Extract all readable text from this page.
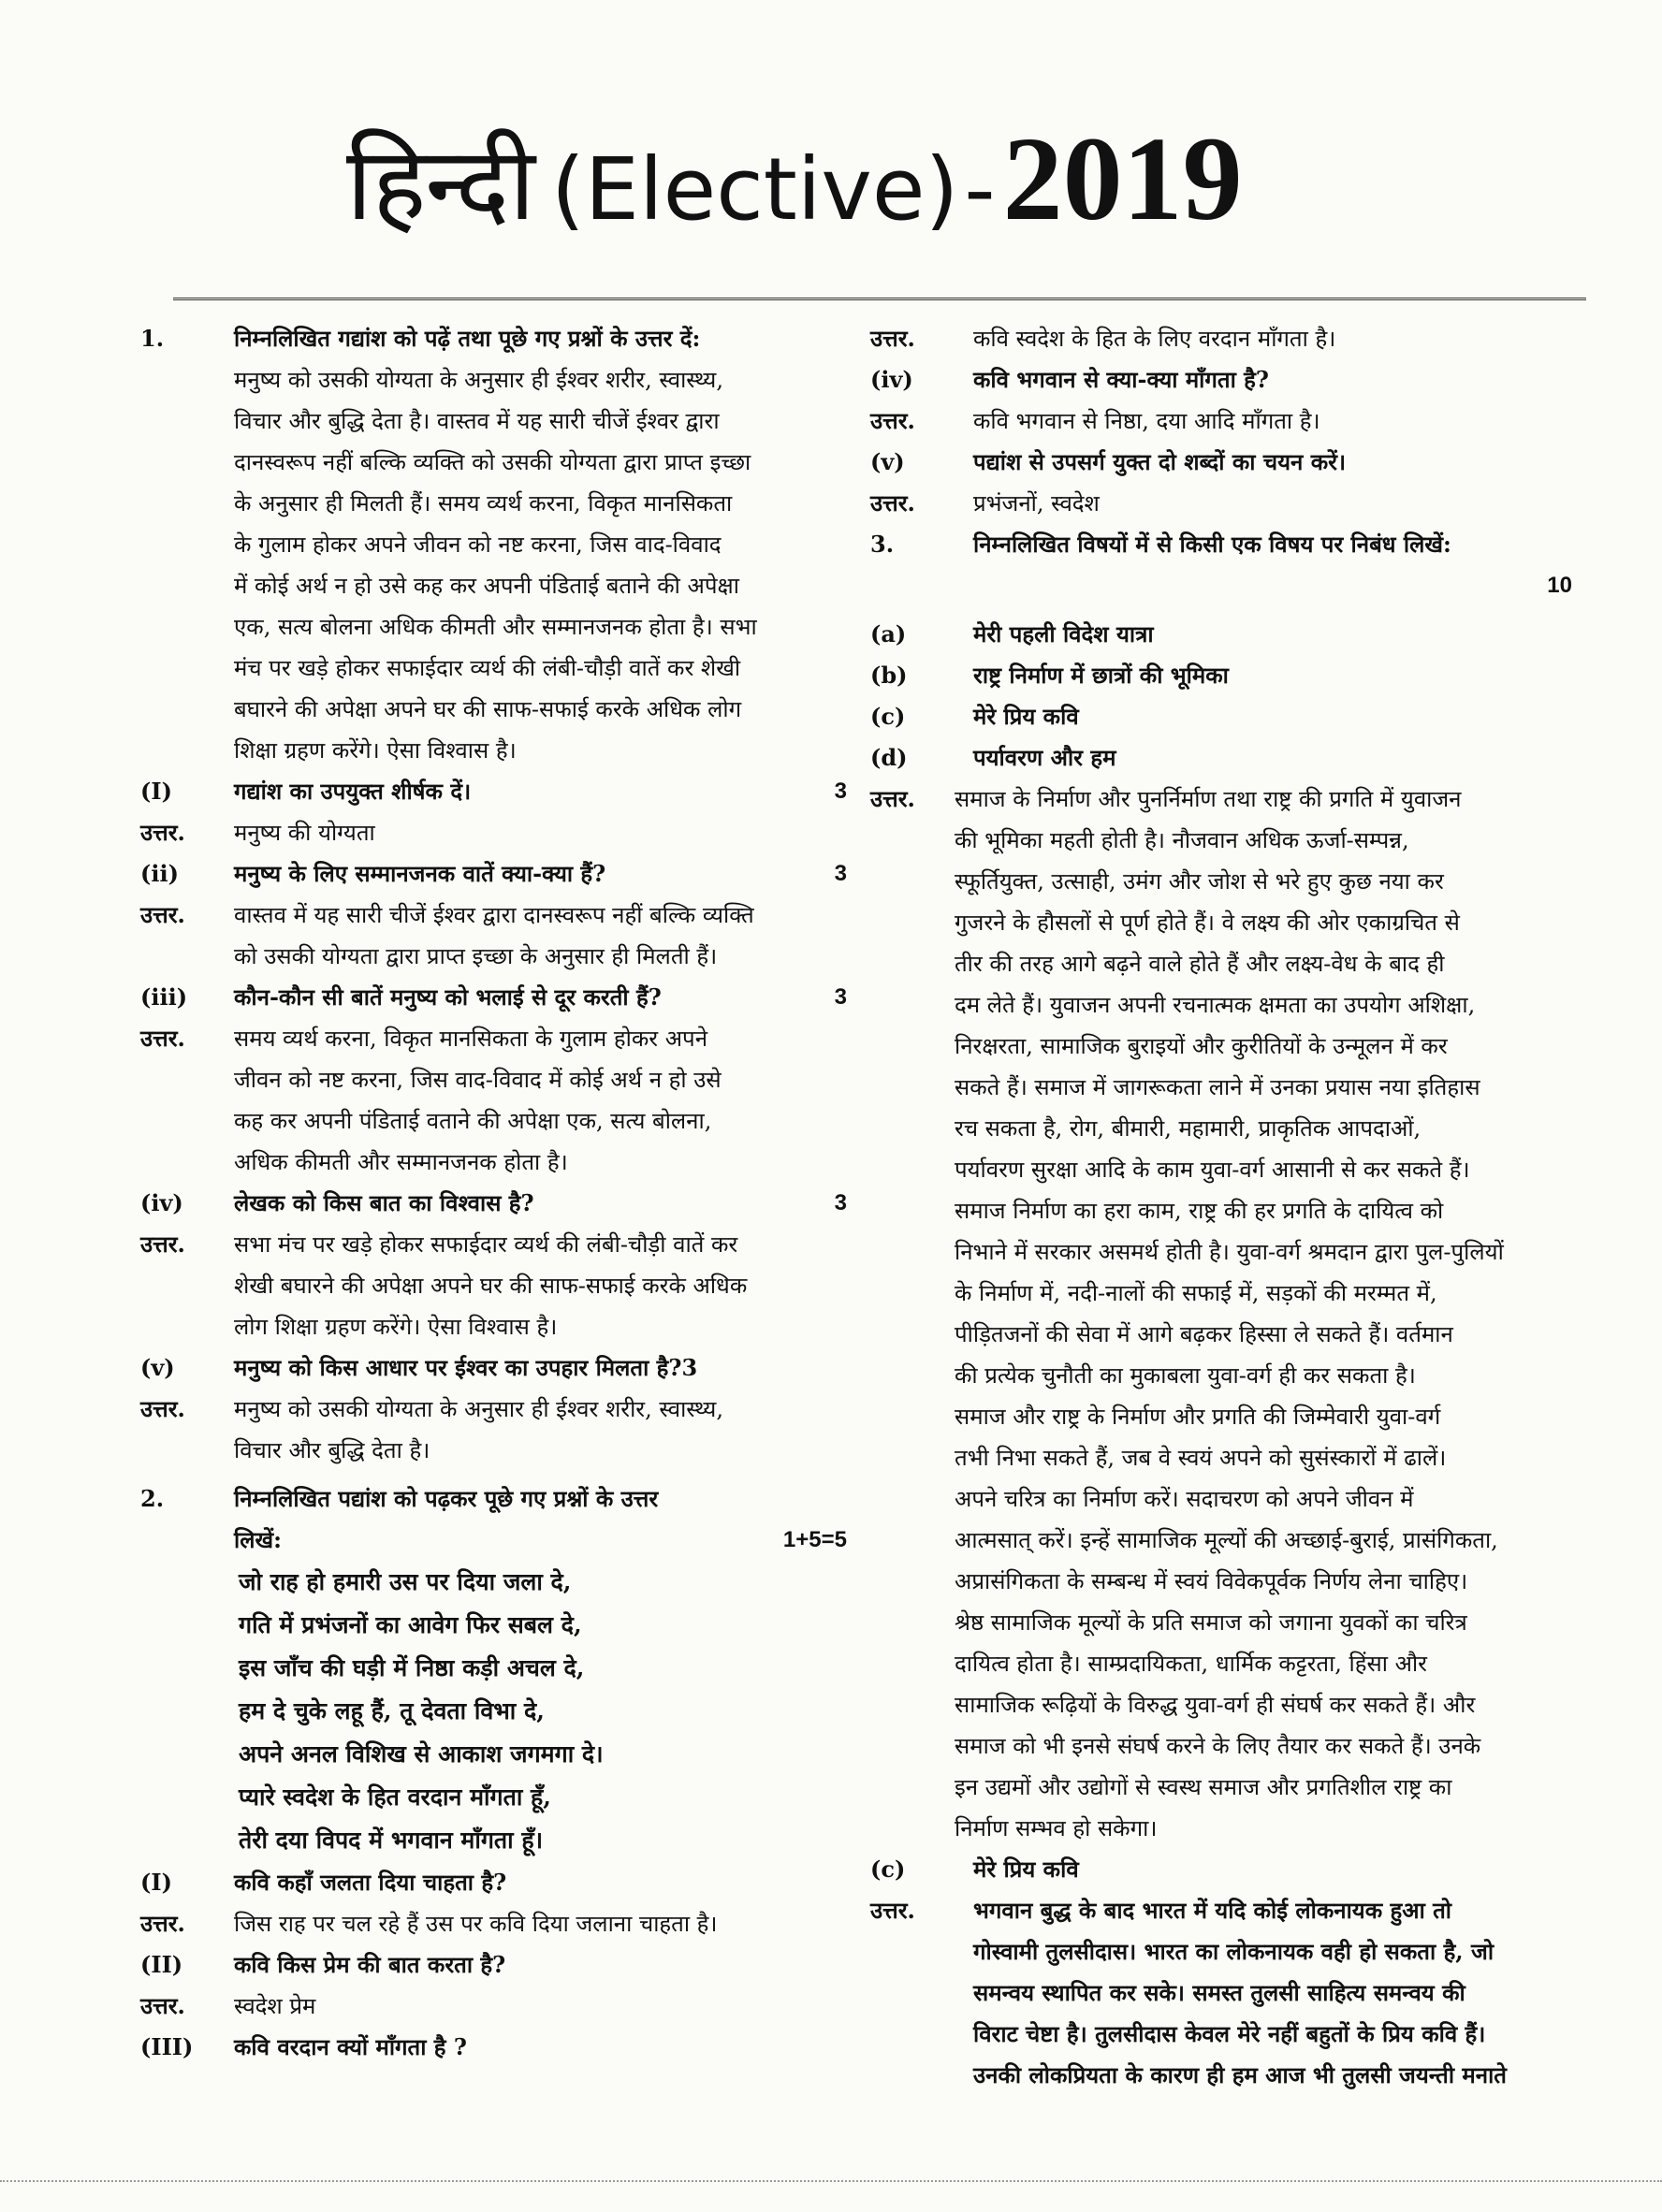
हिन्दी (Elective) - 2019
1.	निम्नलिखित गद्यांश को पढ़ें तथा पूछे गए प्रश्नों के उत्तर दें:
मनुष्य को उसकी योग्यता के अनुसार ही ईश्वर शरीर, स्वास्थ्य,
विचार और बुद्धि देता है। वास्तव में यह सारी चीजें ईश्वर द्वारा
दानस्वरूप नहीं बल्कि व्यक्ति को उसकी योग्यता द्वारा प्राप्त इच्छा
के अनुसार ही मिलती हैं। समय व्यर्थ करना, विकृत मानसिकता
के गुलाम होकर अपने जीवन को नष्ट करना, जिस वाद-विवाद
में कोई अर्थ न हो उसे कह कर अपनी पंडिताई बताने की अपेक्षा
एक, सत्य बोलना अधिक कीमती और सम्मानजनक होता है। सभा
मंच पर खड़े होकर सफाईदार व्यर्थ की लंबी-चौड़ी वातें कर शेखी
बघारने की अपेक्षा अपने घर की साफ-सफाई करके अधिक लोग
शिक्षा ग्रहण करेंगे। ऐसा विश्वास है।
(I)	गद्यांश का उपयुक्त शीर्षक दें।	3
उत्तर.	मनुष्य की योग्यता
(ii)	मनुष्य के लिए सम्मानजनक वातें क्या-क्या हैं?	3
उत्तर.	वास्तव में यह सारी चीजें ईश्वर द्वारा दानस्वरूप नहीं बल्कि व्यक्ति
को उसकी योग्यता द्वारा प्राप्त इच्छा के अनुसार ही मिलती हैं।
(iii)	कौन-कौन सी बातें मनुष्य को भलाई से दूर करती हैं?	3
उत्तर.	समय व्यर्थ करना, विकृत मानसिकता के गुलाम होकर अपने
जीवन को नष्ट करना, जिस वाद-विवाद में कोई अर्थ न हो उसे
कह कर अपनी पंडिताई वताने की अपेक्षा एक, सत्य बोलना,
अधिक कीमती और सम्मानजनक होता है।
(iv)	लेखक को किस बात का विश्वास है?	3
उत्तर.	सभा मंच पर खड़े होकर सफाईदार व्यर्थ की लंबी-चौड़ी वातें कर
शेखी बघारने की अपेक्षा अपने घर की साफ-सफाई करके अधिक
लोग शिक्षा ग्रहण करेंगे। ऐसा विश्वास है।
(v)	मनुष्य को किस आधार पर ईश्वर का उपहार मिलता है?3
उत्तर.	मनुष्य को उसकी योग्यता के अनुसार ही ईश्वर शरीर, स्वास्थ्य,
विचार और बुद्धि देता है।
2.	निम्नलिखित पद्यांश को पढ़कर पूछे गए प्रश्नों के उत्तर
लिखें:	1+5=5
जो राह हो हमारी उस पर दिया जला दे,
गति में प्रभंजनों का आवेग फिर सबल दे,
इस जाँच की घड़ी में निष्ठा कड़ी अचल दे,
हम दे चुके लहू हैं, तू देवता विभा दे,
अपने अनल विशिख से आकाश जगमगा दे।
प्यारे स्वदेश के हित वरदान माँगता हूँ,
तेरी दया विपद में भगवान माँगता हूँ।
(I)	कवि कहाँ जलता दिया चाहता है?
उत्तर.	जिस राह पर चल रहे हैं उस पर कवि दिया जलाना चाहता है।
(II)	कवि किस प्रेम की बात करता है?
उत्तर.	स्वदेश प्रेम
(III)	कवि वरदान क्यों माँगता है ?
उत्तर.	कवि स्वदेश के हित के लिए वरदान माँगता है।
(iv)	कवि भगवान से क्या-क्या माँगता है?
उत्तर.	कवि भगवान से निष्ठा, दया आदि माँगता है।
(v)	पद्यांश से उपसर्ग युक्त दो शब्दों का चयन करें।
उत्तर.	प्रभंजनों, स्वदेश
3.	निम्नलिखित विषयों में से किसी एक विषय पर निबंध लिखें:
10
(a)	मेरी पहली विदेश यात्रा
(b)	राष्ट्र निर्माण में छात्रों की भूमिका
(c)	मेरे प्रिय कवि
(d)	पर्यावरण और हम
उत्तर.	समाज के निर्माण और पुनर्निर्माण तथा राष्ट्र की प्रगति में युवाजन
की भूमिका महती होती है। नौजवान अधिक ऊर्जा-सम्पन्न,
स्फूर्तियुक्त, उत्साही, उमंग और जोश से भरे हुए कुछ नया कर
गुजरने के हौसलों से पूर्ण होते हैं। वे लक्ष्य की ओर एकाग्रचित से
तीर की तरह आगे बढ़ने वाले होते हैं और लक्ष्य-वेध के बाद ही
दम लेते हैं। युवाजन अपनी रचनात्मक क्षमता का उपयोग अशिक्षा,
निरक्षरता, सामाजिक बुराइयों और कुरीतियों के उन्मूलन में कर
सकते हैं। समाज में जागरूकता लाने में उनका प्रयास नया इतिहास
रच सकता है, रोग, बीमारी, महामारी, प्राकृतिक आपदाओं,
पर्यावरण सुरक्षा आदि के काम युवा-वर्ग आसानी से कर सकते हैं।
समाज निर्माण का हरा काम, राष्ट्र की हर प्रगति के दायित्व को
निभाने में सरकार असमर्थ होती है। युवा-वर्ग श्रमदान द्वारा पुल-पुलियों
के निर्माण में, नदी-नालों की सफाई में, सड़कों की मरम्मत में,
पीड़ितजनों की सेवा में आगे बढ़कर हिस्सा ले सकते हैं। वर्तमान
की प्रत्येक चुनौती का मुकाबला युवा-वर्ग ही कर सकता है।
समाज और राष्ट्र के निर्माण और प्रगति की जिम्मेवारी युवा-वर्ग
तभी निभा सकते हैं, जब वे स्वयं अपने को सुसंस्कारों में ढालें।
अपने चरित्र का निर्माण करें। सदाचरण को अपने जीवन में
आत्मसात् करें। इन्हें सामाजिक मूल्यों की अच्छाई-बुराई, प्रासंगिकता,
अप्रासंगिकता के सम्बन्ध में स्वयं विवेकपूर्वक निर्णय लेना चाहिए।
श्रेष्ठ सामाजिक मूल्यों के प्रति समाज को जगाना युवकों का चरित्र
दायित्व होता है। साम्प्रदायिकता, धार्मिक कट्टरता, हिंसा और
सामाजिक रूढ़ियों के विरुद्ध युवा-वर्ग ही संघर्ष कर सकते हैं। और
समाज को भी इनसे संघर्ष करने के लिए तैयार कर सकते हैं। उनके
इन उद्यमों और उद्योगों से स्वस्थ समाज और प्रगतिशील राष्ट्र का
निर्माण सम्भव हो सकेगा।
(c)	मेरे प्रिय कवि
उत्तर.	भगवान बुद्ध के बाद भारत में यदि कोई लोकनायक हुआ तो
गोस्वामी तुलसीदास। भारत का लोकनायक वही हो सकता है, जो
समन्वय स्थापित कर सके। समस्त तुलसी साहित्य समन्वय की
विराट चेष्टा है। तुलसीदास केवल मेरे नहीं बहुतों के प्रिय कवि हैं।
उनकी लोकप्रियता के कारण ही हम आज भी तुलसी जयन्ती मनाते
